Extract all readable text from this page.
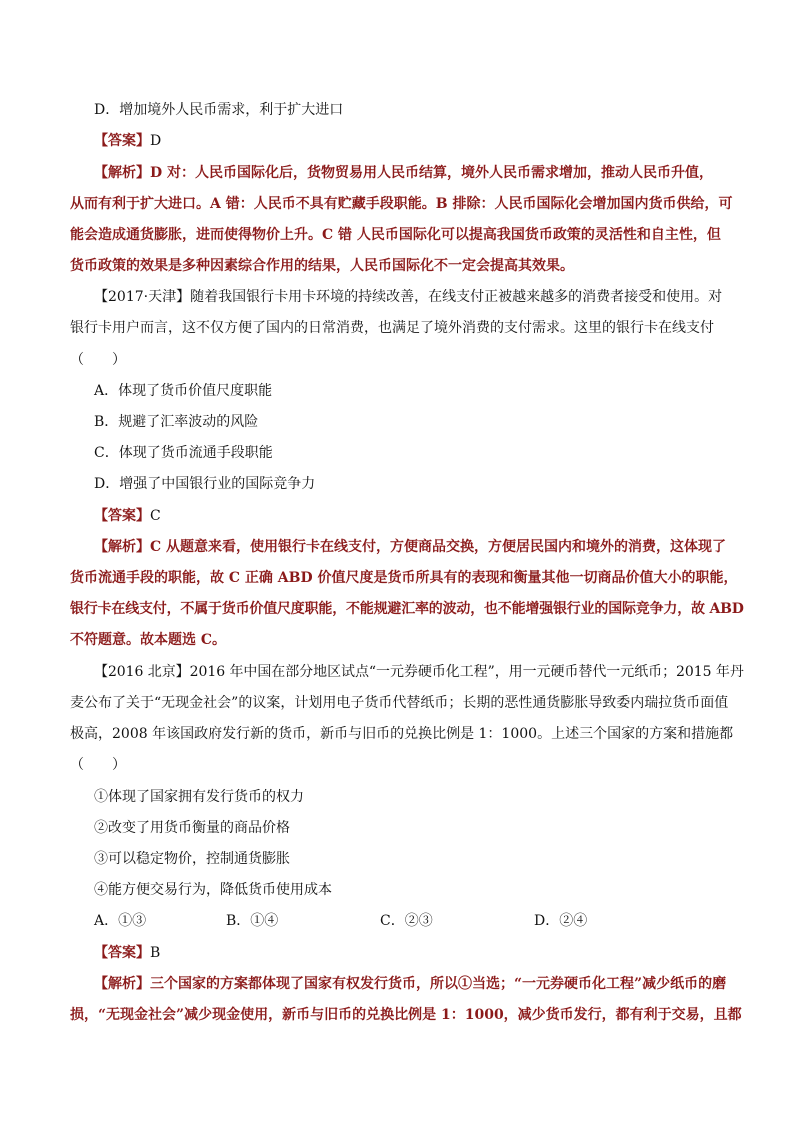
D．增加境外人民币需求，利于扩大进口
【答案】D
【解析】D 对：人民币国际化后，货物贸易用人民币结算，境外人民币需求增加，推动人民币升值，
从而有利于扩大进口。A 错：人民币不具有贮藏手段职能。B 排除：人民币国际化会增加国内货币供给，可
能会造成通货膨胀，进而使得物价上升。C 错 人民币国际化可以提高我国货币政策的灵活性和自主性，但
货币政策的效果是多种因素综合作用的结果，人民币国际化不一定会提高其效果。
【2017·天津】随着我国银行卡用卡环境的持续改善，在线支付正被越来越多的消费者接受和使用。对
银行卡用户而言，这不仅方便了国内的日常消费，也满足了境外消费的支付需求。这里的银行卡在线支付
（　　）
A．体现了货币价值尺度职能
B．规避了汇率波动的风险
C．体现了货币流通手段职能
D．增强了中国银行业的国际竞争力
【答案】C
【解析】C 从题意来看，使用银行卡在线支付，方便商品交换，方便居民国内和境外的消费，这体现了
货币流通手段的职能，故 C 正确 ABD 价值尺度是货币所具有的表现和衡量其他一切商品价值大小的职能，
银行卡在线支付，不属于货币价值尺度职能，不能规避汇率的波动，也不能增强银行业的国际竞争力，故 ABD
不符题意。故本题选 C。
【2016 北京】2016 年中国在部分地区试点“一元券硬币化工程”，用一元硬币替代一元纸币；2015 年丹
麦公布了关于“无现金社会”的议案，计划用电子货币代替纸币；长期的恶性通货膨胀导致委内瑞拉货币面值
极高，2008 年该国政府发行新的货币，新币与旧币的兑换比例是 1：1000。上述三个国家的方案和措施都
（　　）
①体现了国家拥有发行货币的权力
②改变了用货币衡量的商品价格
③可以稳定物价，控制通货膨胀
④能方便交易行为，降低货币使用成本
A．①③	B．①④	C．②③	D．②④
【答案】B
【解析】三个国家的方案都体现了国家有权发行货币，所以①当选；“一元券硬币化工程”减少纸币的磨
损，“无现金社会”减少现金使用，新币与旧币的兑换比例是 1：1000，减少货币发行，都有利于交易，且都
